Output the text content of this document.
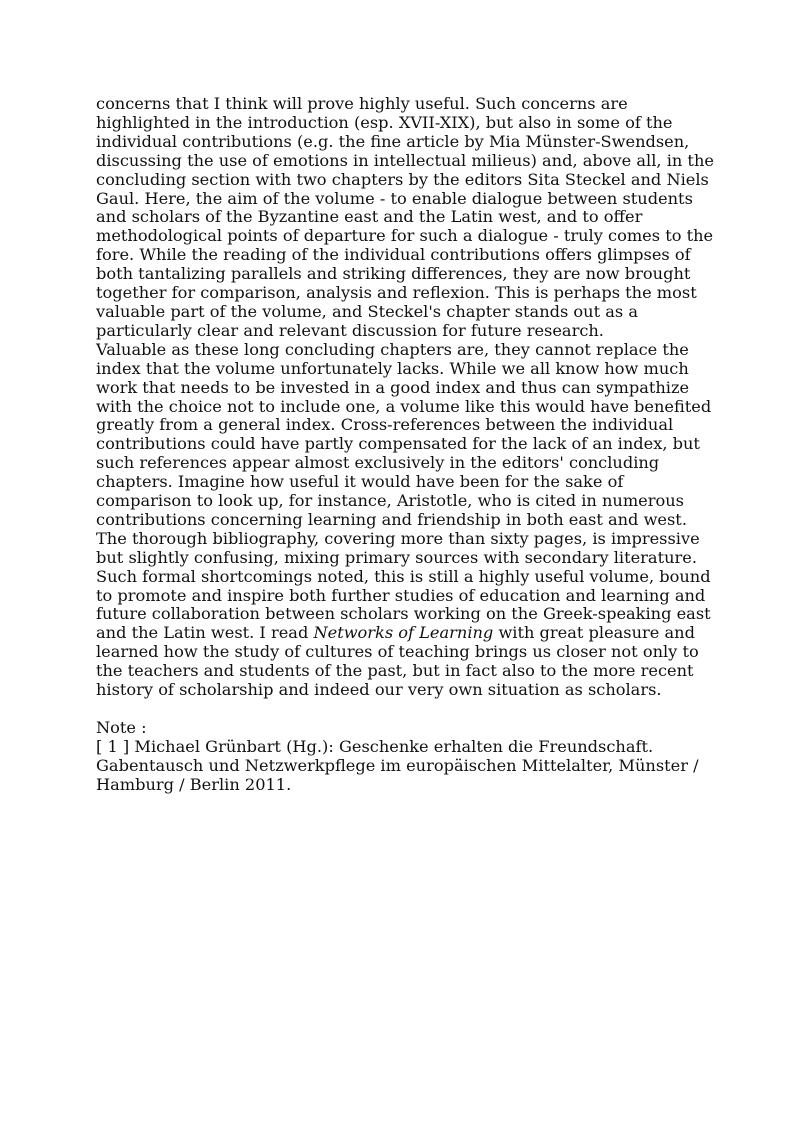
concerns that I think will prove highly useful. Such concerns are highlighted in the introduction (esp. XVII-XIX), but also in some of the individual contributions (e.g. the fine article by Mia Münster-Swendsen, discussing the use of emotions in intellectual milieus) and, above all, in the concluding section with two chapters by the editors Sita Steckel and Niels Gaul. Here, the aim of the volume - to enable dialogue between students and scholars of the Byzantine east and the Latin west, and to offer methodological points of departure for such a dialogue - truly comes to the fore. While the reading of the individual contributions offers glimpses of both tantalizing parallels and striking differences, they are now brought together for comparison, analysis and reflexion. This is perhaps the most valuable part of the volume, and Steckel's chapter stands out as a particularly clear and relevant discussion for future research.

Valuable as these long concluding chapters are, they cannot replace the index that the volume unfortunately lacks. While we all know how much work that needs to be invested in a good index and thus can sympathize with the choice not to include one, a volume like this would have benefited greatly from a general index. Cross-references between the individual contributions could have partly compensated for the lack of an index, but such references appear almost exclusively in the editors' concluding chapters. Imagine how useful it would have been for the sake of comparison to look up, for instance, Aristotle, who is cited in numerous contributions concerning learning and friendship in both east and west. The thorough bibliography, covering more than sixty pages, is impressive but slightly confusing, mixing primary sources with secondary literature.

Such formal shortcomings noted, this is still a highly useful volume, bound to promote and inspire both further studies of education and learning and future collaboration between scholars working on the Greek-speaking east and the Latin west. I read Networks of Learning with great pleasure and learned how the study of cultures of teaching brings us closer not only to the teachers and students of the past, but in fact also to the more recent history of scholarship and indeed our very own situation as scholars.

Note :

[ 1 ] Michael Grünbart (Hg.): Geschenke erhalten die Freundschaft. Gabentausch und Netzwerkpflege im europäischen Mittelalter, Münster / Hamburg / Berlin 2011.
